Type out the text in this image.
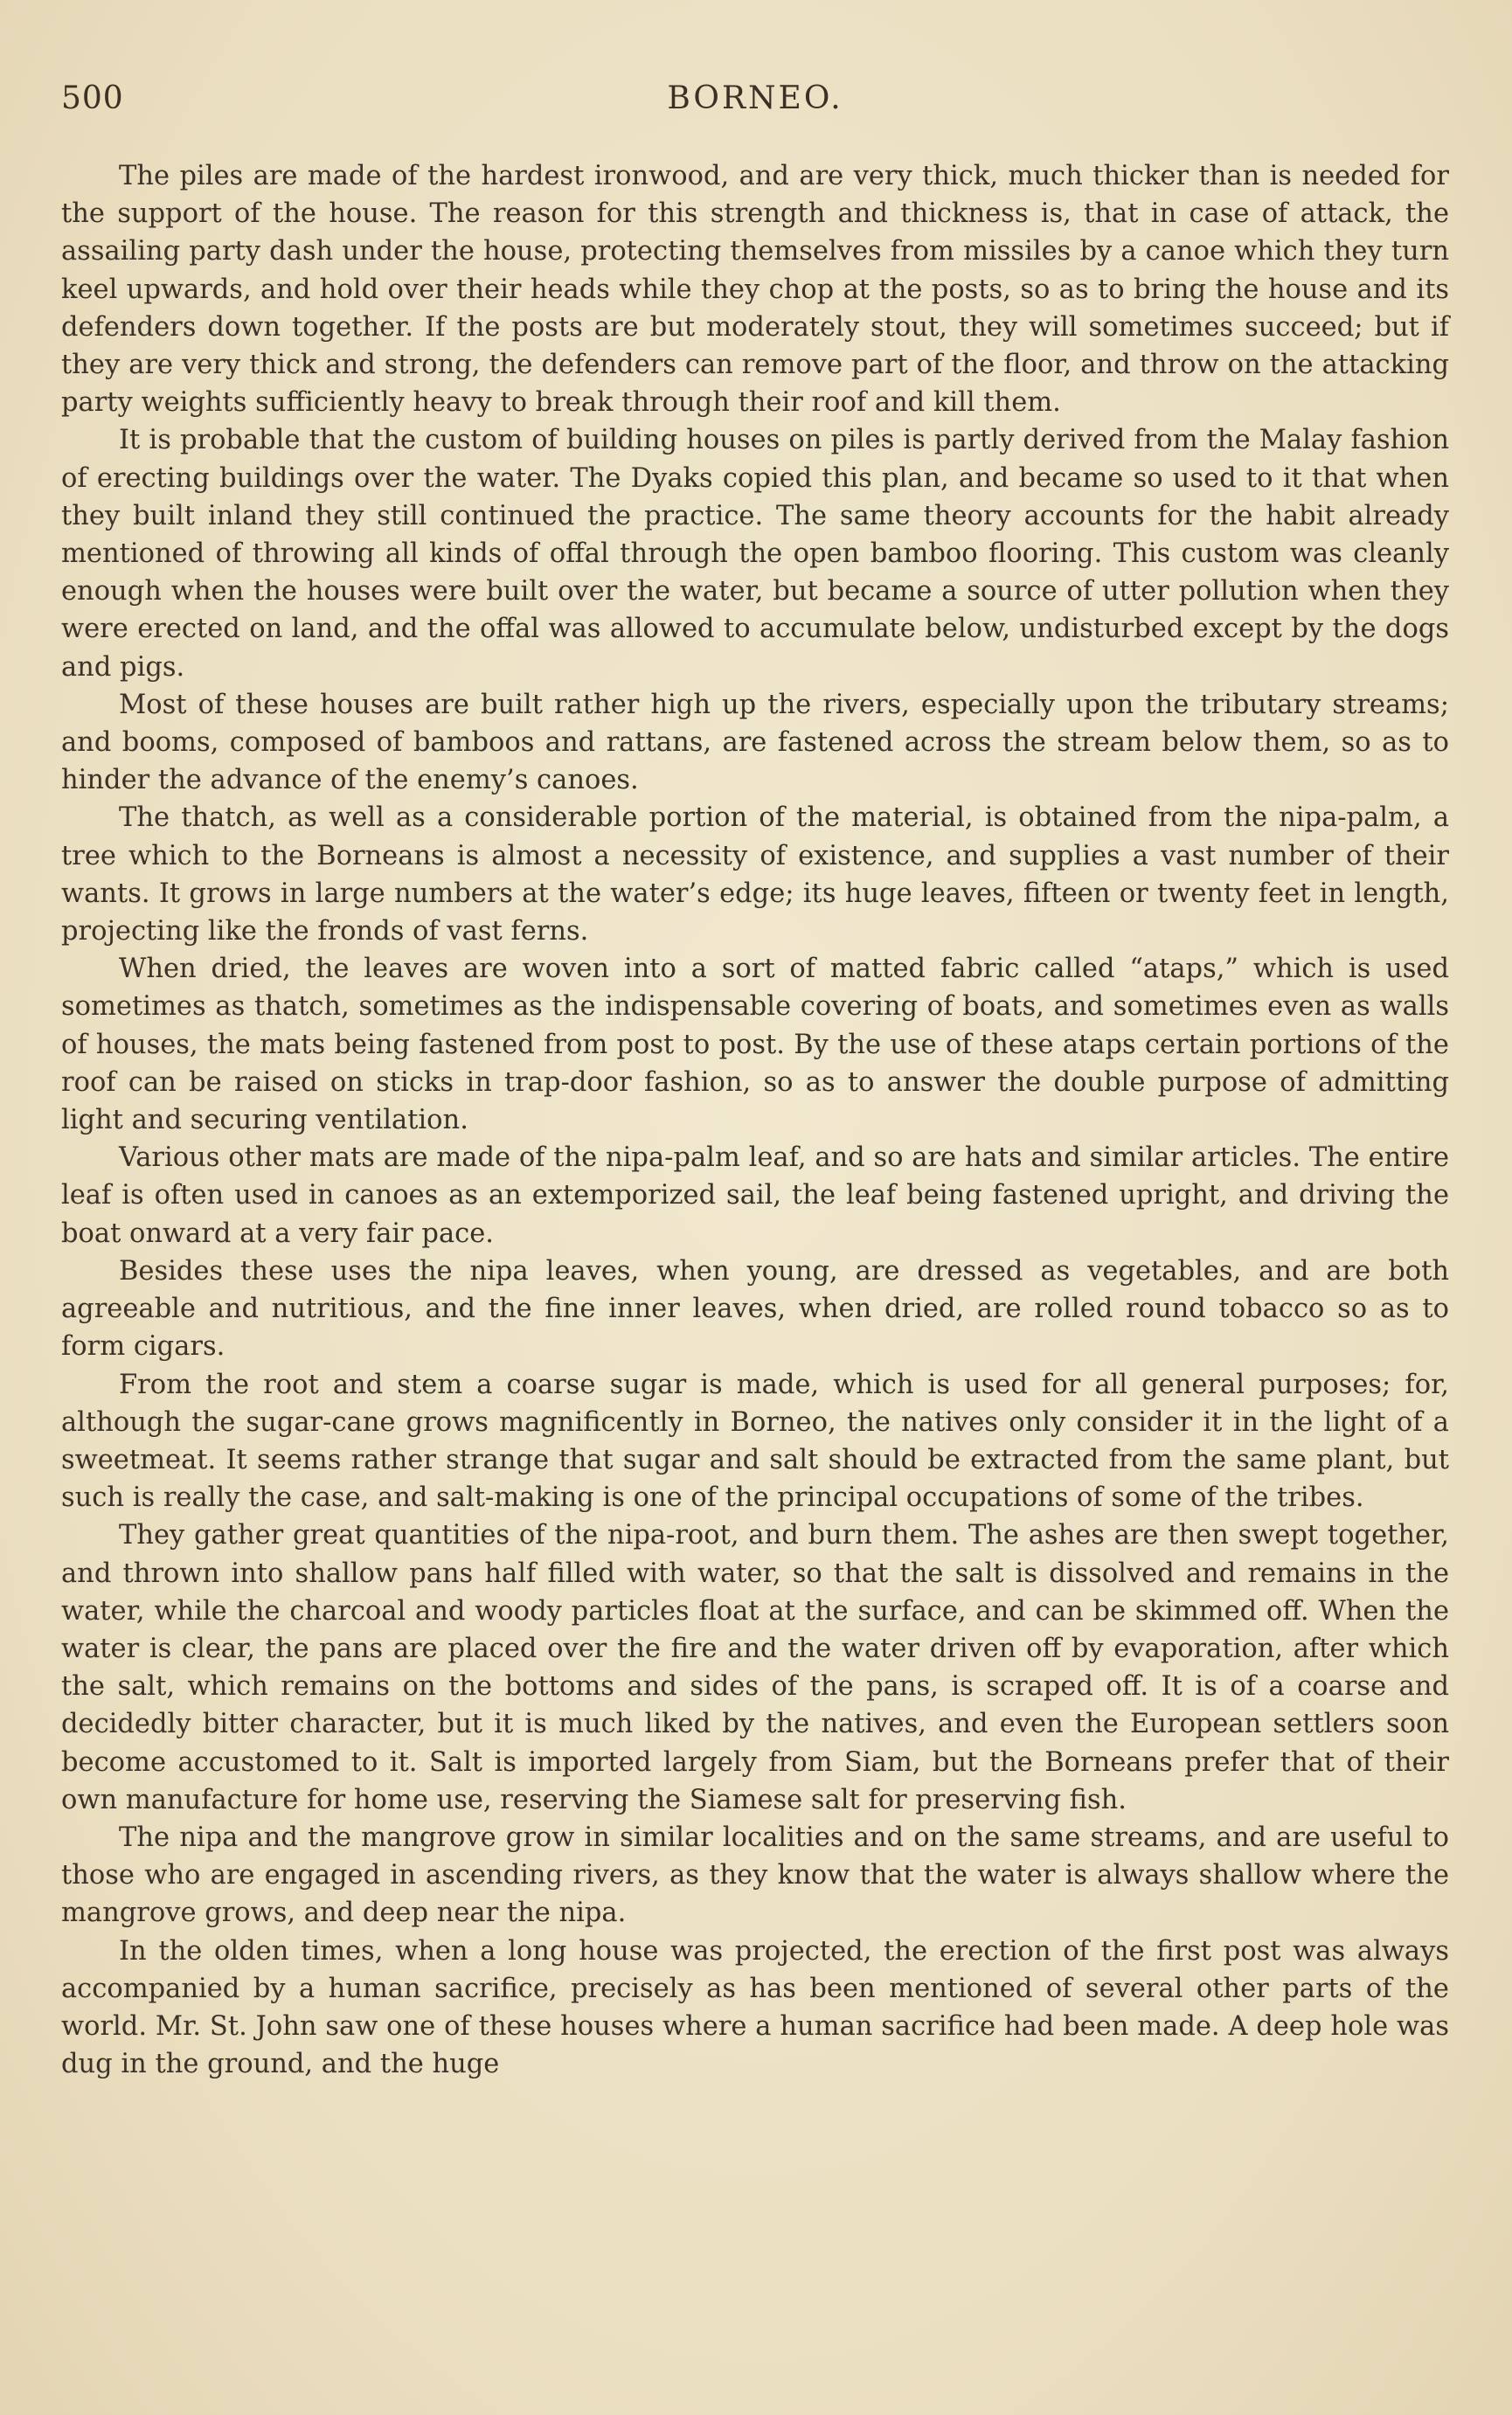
500	BORNEO.

The piles are made of the hardest ironwood, and are very thick, much thicker than is needed for the support of the house. The reason for this strength and thickness is, that in case of attack, the assailing party dash under the house, protecting themselves from missiles by a canoe which they turn keel upwards, and hold over their heads while they chop at the posts, so as to bring the house and its defenders down together. If the posts are but moderately stout, they will sometimes succeed; but if they are very thick and strong, the defenders can remove part of the floor, and throw on the attacking party weights sufficiently heavy to break through their roof and kill them.

It is probable that the custom of building houses on piles is partly derived from the Malay fashion of erecting buildings over the water. The Dyaks copied this plan, and became so used to it that when they built inland they still continued the practice. The same theory accounts for the habit already mentioned of throwing all kinds of offal through the open bamboo flooring. This custom was cleanly enough when the houses were built over the water, but became a source of utter pollution when they were erected on land, and the offal was allowed to accumulate below, undisturbed except by the dogs and pigs.

Most of these houses are built rather high up the rivers, especially upon the tributary streams; and booms, composed of bamboos and rattans, are fastened across the stream below them, so as to hinder the advance of the enemy’s canoes.

The thatch, as well as a considerable portion of the material, is obtained from the nipa-palm, a tree which to the Borneans is almost a necessity of existence, and supplies a vast number of their wants. It grows in large numbers at the water’s edge; its huge leaves, fifteen or twenty feet in length, projecting like the fronds of vast ferns.

When dried, the leaves are woven into a sort of matted fabric called “ataps,” which is used sometimes as thatch, sometimes as the indispensable covering of boats, and sometimes even as walls of houses, the mats being fastened from post to post. By the use of these ataps certain portions of the roof can be raised on sticks in trap-door fashion, so as to answer the double purpose of admitting light and securing ventilation.

Various other mats are made of the nipa-palm leaf, and so are hats and similar articles. The entire leaf is often used in canoes as an extemporized sail, the leaf being fastened upright, and driving the boat onward at a very fair pace.

Besides these uses the nipa leaves, when young, are dressed as vegetables, and are both agreeable and nutritious, and the fine inner leaves, when dried, are rolled round tobacco so as to form cigars.

From the root and stem a coarse sugar is made, which is used for all general purposes; for, although the sugar-cane grows magnificently in Borneo, the natives only consider it in the light of a sweetmeat. It seems rather strange that sugar and salt should be extracted from the same plant, but such is really the case, and salt-making is one of the principal occupations of some of the tribes.

They gather great quantities of the nipa-root, and burn them. The ashes are then swept together, and thrown into shallow pans half filled with water, so that the salt is dissolved and remains in the water, while the charcoal and woody particles float at the surface, and can be skimmed off. When the water is clear, the pans are placed over the fire and the water driven off by evaporation, after which the salt, which remains on the bottoms and sides of the pans, is scraped off. It is of a coarse and decidedly bitter character, but it is much liked by the natives, and even the European settlers soon become accustomed to it. Salt is imported largely from Siam, but the Borneans prefer that of their own manufacture for home use, reserving the Siamese salt for preserving fish.

The nipa and the mangrove grow in similar localities and on the same streams, and are useful to those who are engaged in ascending rivers, as they know that the water is always shallow where the mangrove grows, and deep near the nipa.

In the olden times, when a long house was projected, the erection of the first post was always accompanied by a human sacrifice, precisely as has been mentioned of several other parts of the world. Mr. St. John saw one of these houses where a human sacrifice had been made. A deep hole was dug in the ground, and the huge
